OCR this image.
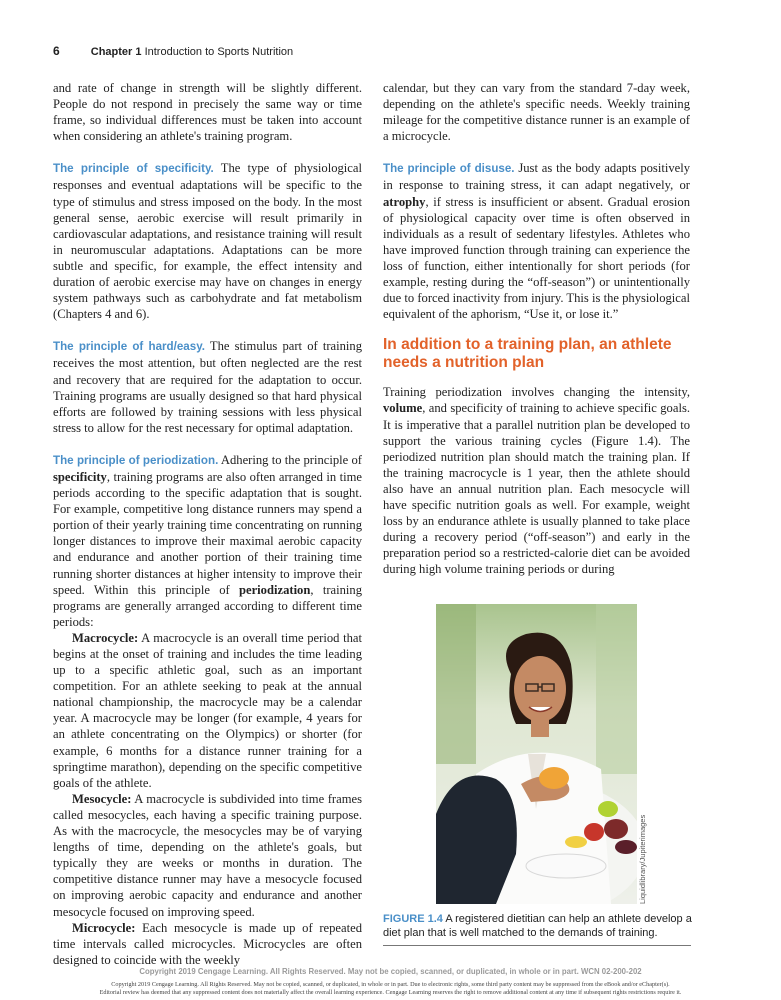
6	Chapter 1 Introduction to Sports Nutrition

and rate of change in strength will be slightly different. People do not respond in precisely the same way or time frame, so individual differences must be taken into account when considering an athlete's training program.

The principle of specificity. The type of physiological responses and eventual adaptations will be specific to the type of stimulus and stress imposed on the body. In the most general sense, aerobic exercise will result primarily in cardiovascular adaptations, and resistance training will result in neuromuscular adaptations. Adaptations can be more subtle and specific, for example, the effect intensity and duration of aerobic exercise may have on changes in energy system pathways such as carbohydrate and fat metabolism (Chapters 4 and 6).

The principle of hard/easy. The stimulus part of training receives the most attention, but often neglected are the rest and recovery that are required for the adaptation to occur. Training programs are usually designed so that hard physical efforts are followed by training sessions with less physical stress to allow for the rest necessary for optimal adaptation.

The principle of periodization. Adhering to the principle of specificity, training programs are also often arranged in time periods according to the specific adaptation that is sought. For example, competitive long distance runners may spend a portion of their yearly training time concentrating on running longer distances to improve their maximal aerobic capacity and endurance and another portion of their training time running shorter distances at higher intensity to improve their speed. Within this principle of periodization, training programs are generally arranged according to different time periods:

Macrocycle: A macrocycle is an overall time period that begins at the onset of training and includes the time leading up to a specific athletic goal, such as an important competition. For an athlete seeking to peak at the annual national championship, the macrocycle may be a calendar year. A macrocycle may be longer (for example, 4 years for an athlete concentrating on the Olympics) or shorter (for example, 6 months for a distance runner training for a springtime marathon), depending on the specific competitive goals of the athlete.

Mesocycle: A macrocycle is subdivided into time frames called mesocycles, each having a specific training purpose. As with the macrocycle, the mesocycles may be of varying lengths of time, depending on the athlete's goals, but typically they are weeks or months in duration. The competitive distance runner may have a mesocycle focused on improving aerobic capacity and endurance and another mesocycle focused on improving speed.

Microcycle: Each mesocycle is made up of repeated time intervals called microcycles. Microcycles are often designed to coincide with the weekly

calendar, but they can vary from the standard 7-day week, depending on the athlete's specific needs. Weekly training mileage for the competitive distance runner is an example of a microcycle.

The principle of disuse. Just as the body adapts positively in response to training stress, it can adapt negatively, or atrophy, if stress is insufficient or absent. Gradual erosion of physiological capacity over time is often observed in individuals as a result of sedentary lifestyles. Athletes who have improved function through training can experience the loss of function, either intentionally for short periods (for example, resting during the “off-season”) or unintentionally due to forced inactivity from injury. This is the physiological equivalent of the aphorism, “Use it, or lose it.”

In addition to a training plan, an athlete needs a nutrition plan

Training periodization involves changing the intensity, volume, and specificity of training to achieve specific goals. It is imperative that a parallel nutrition plan be developed to support the various training cycles (Figure 1.4). The periodized nutrition plan should match the training plan. If the training macrocycle is 1 year, then the athlete should also have an annual nutrition plan. Each mesocycle will have specific nutrition goals as well. For example, weight loss by an endurance athlete is usually planned to take place during a recovery period (“off-season”) and early in the preparation period so a restricted-calorie diet can be avoided during high volume training periods or during

Liquidlibrary/Jupiterimages
FIGURE 1.4 A registered dietitian can help an athlete develop a diet plan that is well matched to the demands of training.
Copyright 2019 Cengage Learning. All Rights Reserved. May not be copied, scanned, or duplicated, in whole or in part. WCN 02-200-202
Copyright 2019 Cengage Learning. All Rights Reserved. May not be copied, scanned, or duplicated, in whole or in part. Due to electronic rights, some third party content may be suppressed from the eBook and/or eChapter(s).
Editorial review has deemed that any suppressed content does not materially affect the overall learning experience. Cengage Learning reserves the right to remove additional content at any time if subsequent rights restrictions require it.
